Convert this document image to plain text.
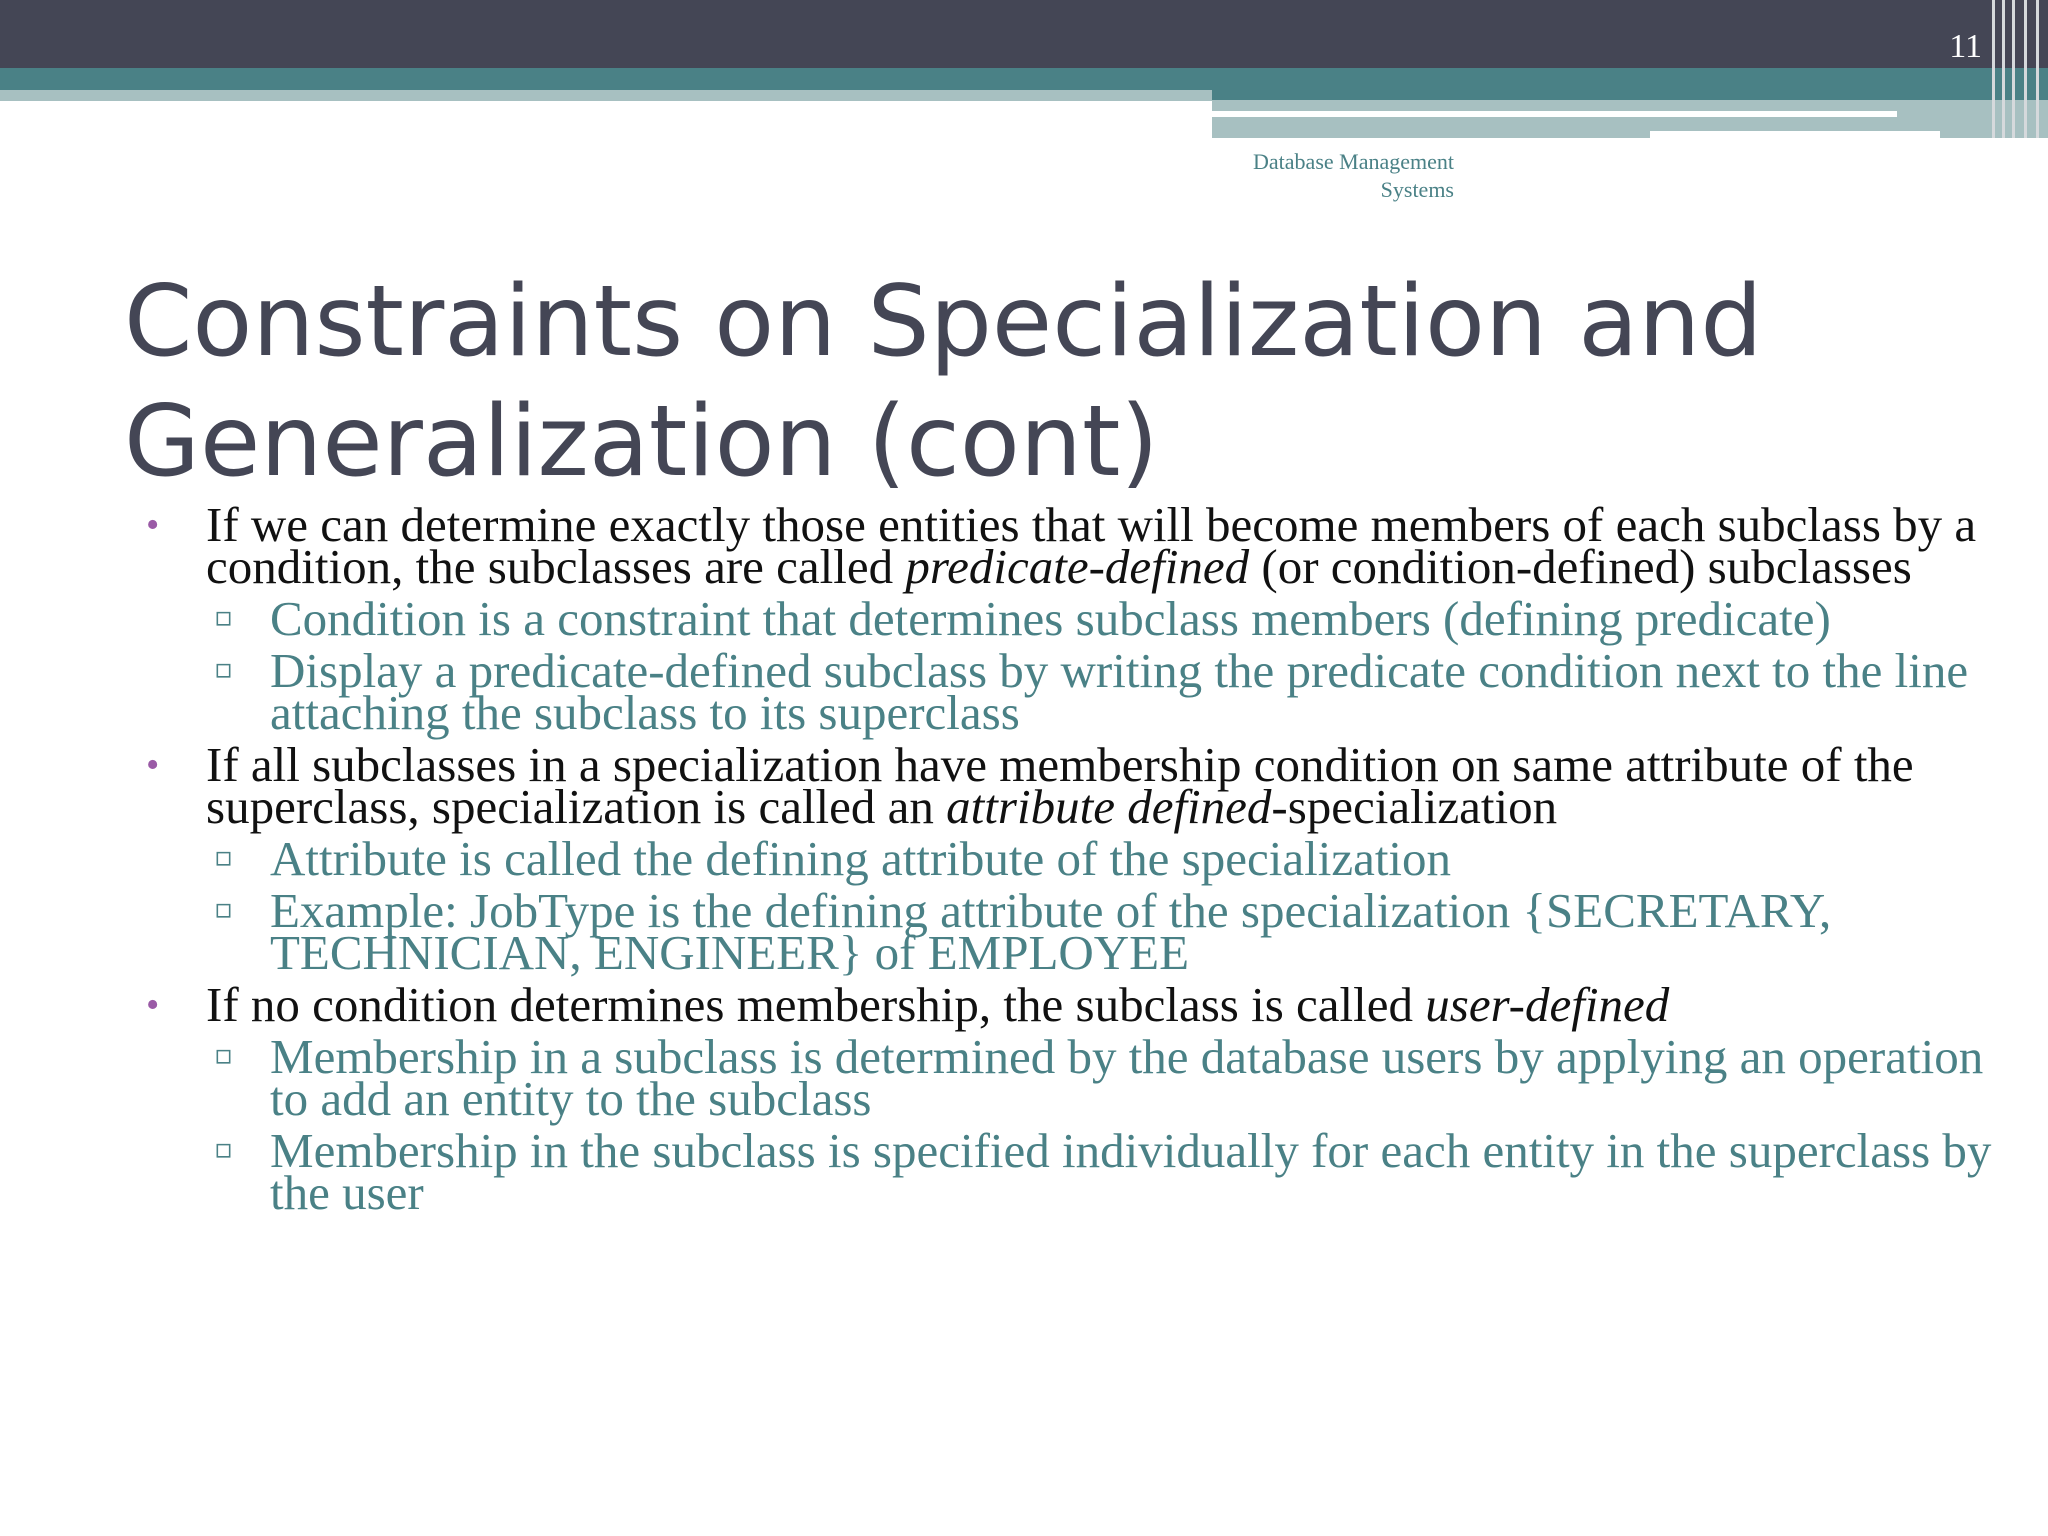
11
Database Management
Systems
Constraints on Specialization and Generalization (cont)
• If we can determine exactly those entities that will become members of each subclass by a condition, the subclasses are called predicate-defined (or condition-defined) subclasses
▫ Condition is a constraint that determines subclass members (defining predicate)
▫ Display a predicate-defined subclass by writing the predicate condition next to the line attaching the subclass to its superclass
• If all subclasses in a specialization have membership condition on same attribute of the superclass, specialization is called an attribute defined-specialization
▫ Attribute is called the defining attribute of the specialization
▫ Example: JobType is the defining attribute of the specialization {SECRETARY, TECHNICIAN, ENGINEER} of EMPLOYEE
• If no condition determines membership, the subclass is called user-defined
▫ Membership in a subclass is determined by the database users by applying an operation to add an entity to the subclass
▫ Membership in the subclass is specified individually for each entity in the superclass by the user
